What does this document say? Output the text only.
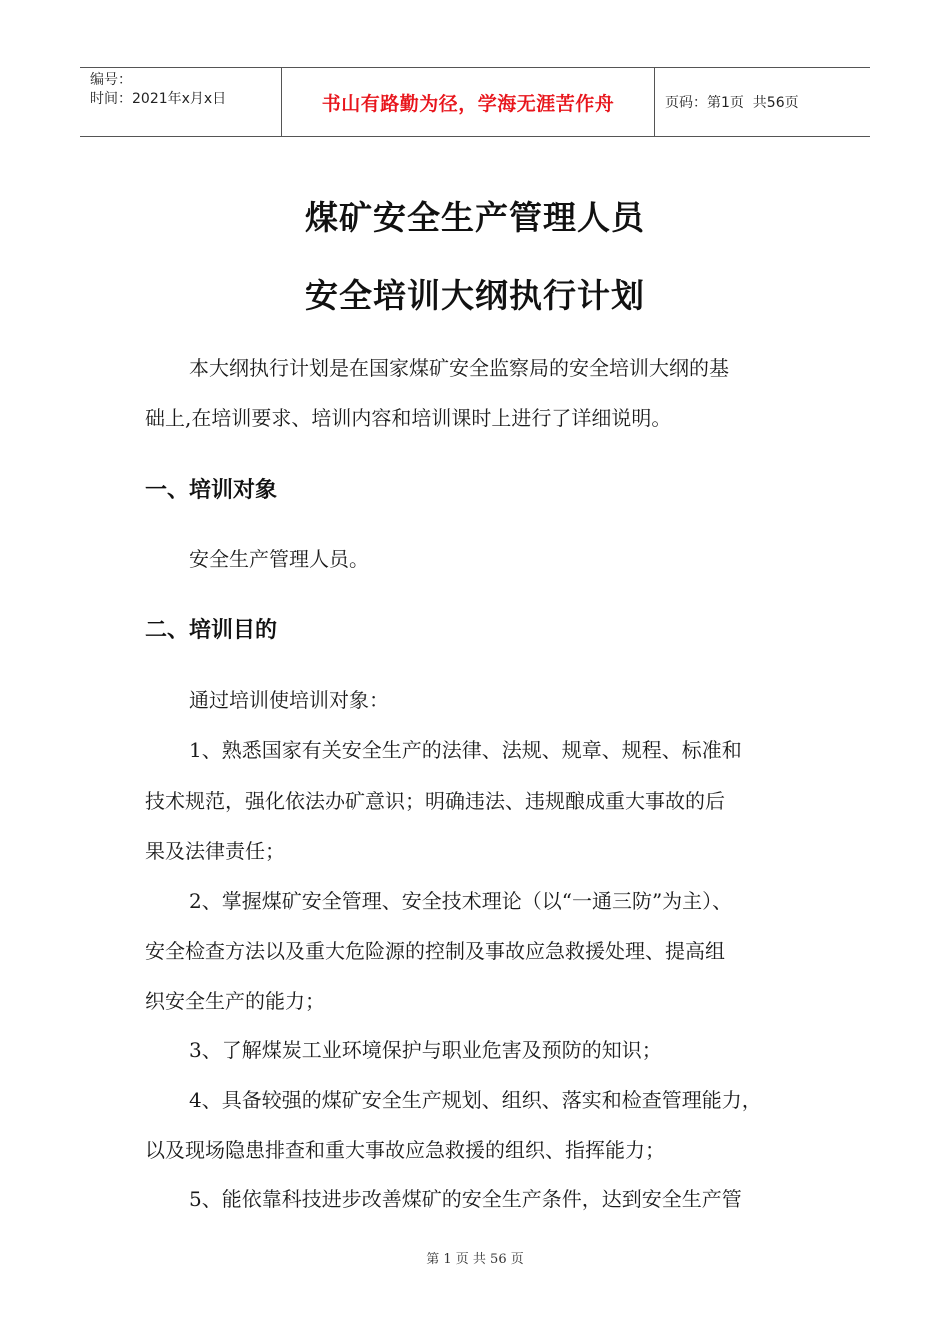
编号：
时间：2021年x月x日	书山有路勤为径，学海无涯苦作舟	页码：第1页  共56页
煤矿安全生产管理人员
安全培训大纲执行计划
本大纲执行计划是在国家煤矿安全监察局的安全培训大纲的基
础上,在培训要求、培训内容和培训课时上进行了详细说明。
一、培训对象
安全生产管理人员。
二、培训目的
通过培训使培训对象：
1、熟悉国家有关安全生产的法律、法规、规章、规程、标准和
技术规范，强化依法办矿意识；明确违法、违规酿成重大事故的后
果及法律责任；
2、掌握煤矿安全管理、安全技术理论（以“一通三防”为主）、
安全检查方法以及重大危险源的控制及事故应急救援处理、提高组
织安全生产的能力；
3、了解煤炭工业环境保护与职业危害及预防的知识；
4、具备较强的煤矿安全生产规划、组织、落实和检查管理能力，
以及现场隐患排查和重大事故应急救援的组织、指挥能力；
5、能依靠科技进步改善煤矿的安全生产条件，达到安全生产管
第 1 页 共 56 页
